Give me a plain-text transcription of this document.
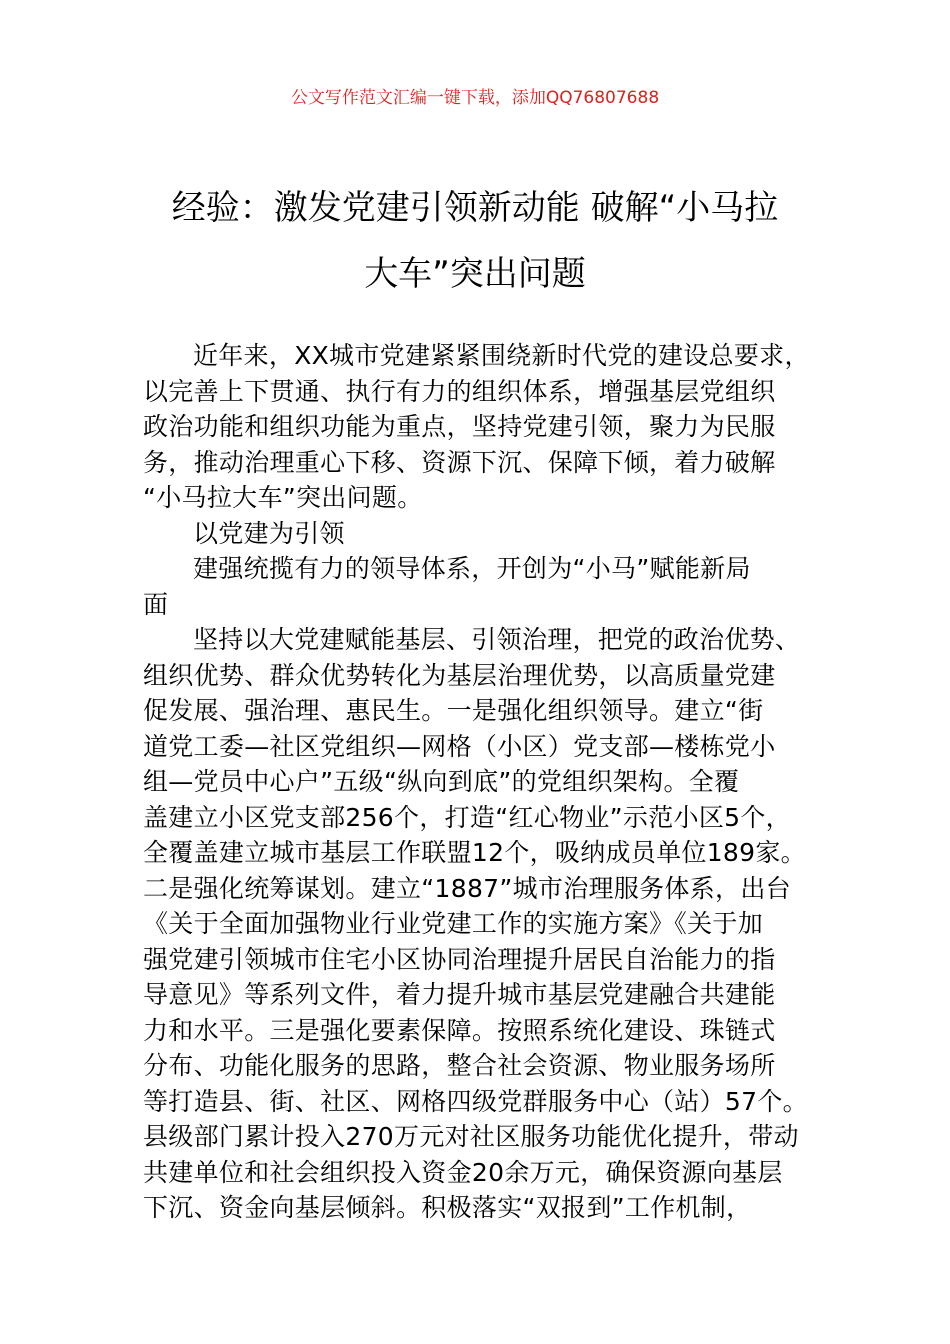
公文写作范文汇编一键下载，添加QQ76807688
经验：激发党建引领新动能 破解“小马拉
大车”突出问题
近年来，XX城市党建紧紧围绕新时代党的建设总要求，
以完善上下贯通、执行有力的组织体系，增强基层党组织
政治功能和组织功能为重点，坚持党建引领，聚力为民服
务，推动治理重心下移、资源下沉、保障下倾，着力破解
“小马拉大车”突出问题。
以党建为引领
建强统揽有力的领导体系，开创为“小马”赋能新局
面
坚持以大党建赋能基层、引领治理，把党的政治优势、
组织优势、群众优势转化为基层治理优势，以高质量党建
促发展、强治理、惠民生。一是强化组织领导。建立“街
道党工委—社区党组织—网格（小区）党支部—楼栋党小
组—党员中心户”五级“纵向到底”的党组织架构。全覆
盖建立小区党支部256个，打造“红心物业”示范小区5个，
全覆盖建立城市基层工作联盟12个，吸纳成员单位189家。
二是强化统筹谋划。建立“1887”城市治理服务体系，出台
《关于全面加强物业行业党建工作的实施方案》《关于加
强党建引领城市住宅小区协同治理提升居民自治能力的指
导意见》等系列文件，着力提升城市基层党建融合共建能
力和水平。三是强化要素保障。按照系统化建设、珠链式
分布、功能化服务的思路，整合社会资源、物业服务场所
等打造县、街、社区、网格四级党群服务中心（站）57个。
县级部门累计投入270万元对社区服务功能优化提升，带动
共建单位和社会组织投入资金20余万元，确保资源向基层
下沉、资金向基层倾斜。积极落实“双报到”工作机制，
